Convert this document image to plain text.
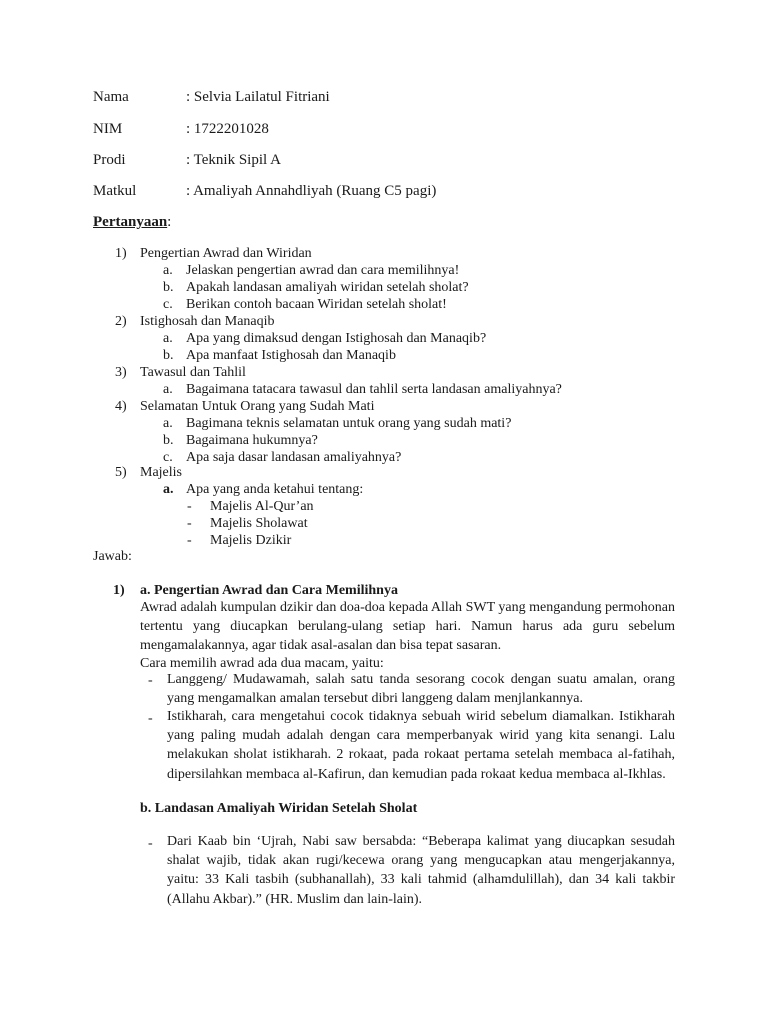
Nama	: Selvia Lailatul Fitriani
NIM	: 1722201028
Prodi	: Teknik Sipil A
Matkul	: Amaliyah Annahdliyah (Ruang C5 pagi)
Pertanyaan:
1) Pengertian Awrad dan Wiridan
a. Jelaskan pengertian awrad dan cara memilihnya!
b. Apakah landasan amaliyah wiridan setelah sholat?
c. Berikan contoh bacaan Wiridan setelah sholat!
2) Istighosah dan Manaqib
a. Apa yang dimaksud dengan Istighosah dan Manaqib?
b. Apa manfaat Istighosah dan Manaqib
3) Tawasul dan Tahlil
a. Bagaimana tatacara tawasul dan tahlil serta landasan amaliyahnya?
4) Selamatan Untuk Orang yang Sudah Mati
a. Bagimana teknis selamatan untuk orang yang sudah mati?
b. Bagaimana hukumnya?
c. Apa saja dasar landasan amaliyahnya?
5) Majelis
a. Apa yang anda ketahui tentang:
- Majelis Al-Qur’an
- Majelis Sholawat
- Majelis Dzikir
Jawab:
1) a. Pengertian Awrad dan Cara Memilihnya
Awrad adalah kumpulan dzikir dan doa-doa kepada Allah SWT yang mengandung permohonan tertentu yang diucapkan berulang-ulang setiap hari. Namun harus ada guru sebelum mengamalakannya, agar tidak asal-asalan dan bisa tepat sasaran.
Cara memilih awrad ada dua macam, yaitu:
- Langgeng/ Mudawamah, salah satu tanda sesorang cocok dengan suatu amalan, orang yang mengamalkan amalan tersebut dibri langgeng dalam menjlankannya.
- Istikharah, cara mengetahui cocok tidaknya sebuah wirid sebelum diamalkan. Istikharah yang paling mudah adalah dengan cara memperbanyak wirid yang kita senangi. Lalu melakukan sholat istikharah. 2 rokaat, pada rokaat pertama setelah membaca al-fatihah, dipersilahkan membaca al-Kafirun, dan kemudian pada rokaat kedua membaca al-Ikhlas.
b. Landasan Amaliyah Wiridan Setelah Sholat
- Dari Kaab bin ‘Ujrah, Nabi saw bersabda: “Beberapa kalimat yang diucapkan sesudah shalat wajib, tidak akan rugi/kecewa orang yang mengucapkan atau mengerjakannya, yaitu: 33 Kali tasbih (subhanallah), 33 kali tahmid (alhamdulillah), dan 34 kali takbir (Allahu Akbar).” (HR. Muslim dan lain-lain).
